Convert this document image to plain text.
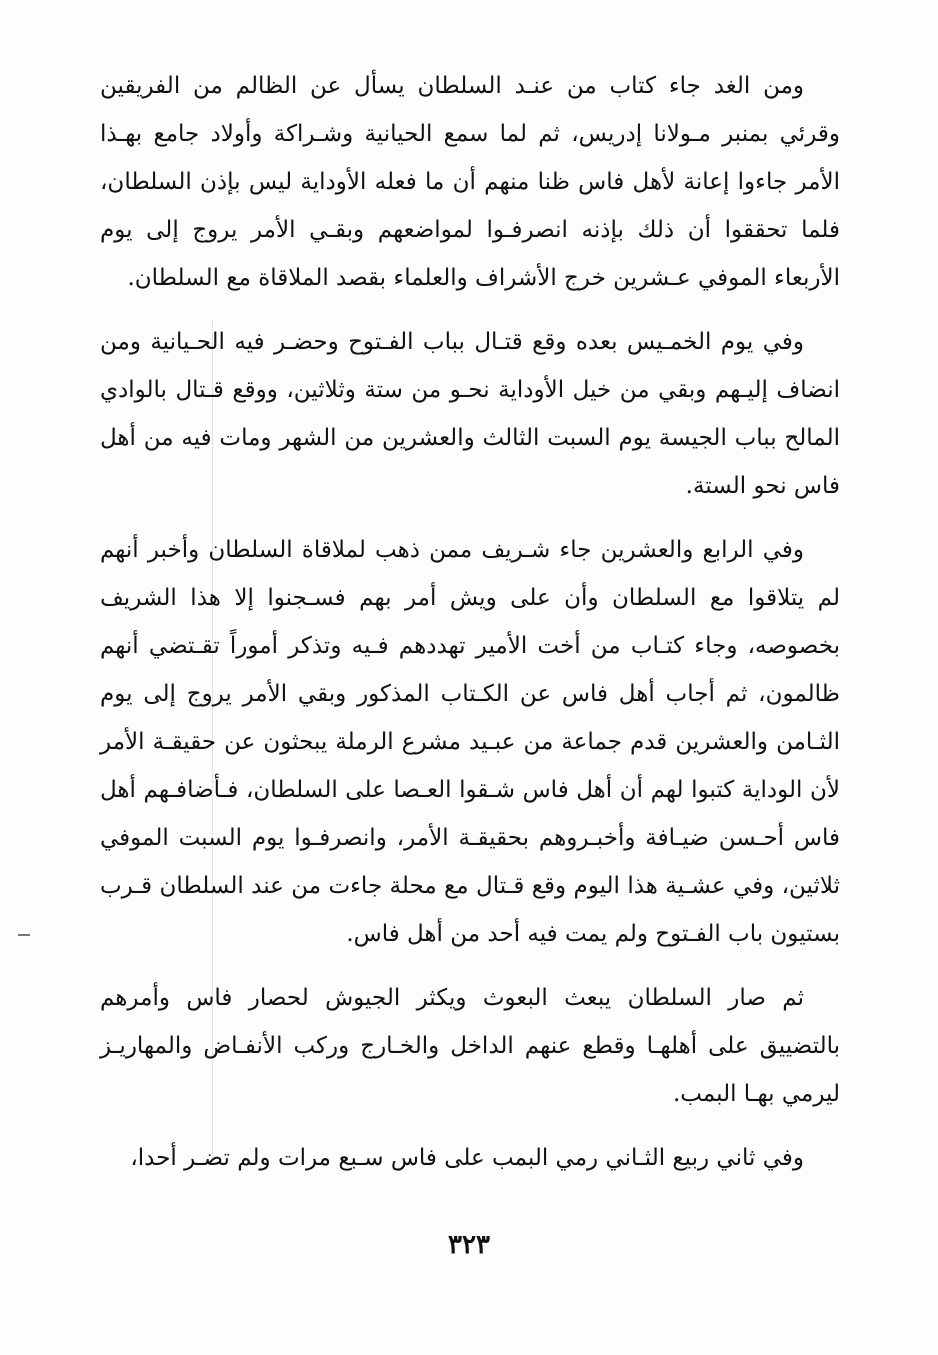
ومن الغد جاء كتاب من عنـد السلطان يسأل عن الظالم من الفريقين وقرئي بمنبر مـولانا إدريس، ثم لما سمع الحيانية وشـراكة وأولاد جامع بهـذا الأمر جاءوا إعانة لأهل فاس ظنا منهم أن ما فعله الأوداية ليس بإذن السلطان، فلما تحققوا أن ذلك بإذنه انصرفـوا لمواضعهم وبقـي الأمر يروج إلى يوم الأربعاء الموفي عـشرين خرج الأشراف والعلماء بقصد الملاقاة مع السلطان.

وفي يوم الخمـيس بعده وقع قتـال بباب الفـتوح وحضـر فيه الحـيانية ومن انضاف إليـهم وبقي من خيل الأوداية نحـو من ستة وثلاثين، ووقع قـتال بالوادي المالح بباب الجيسة يوم السبت الثالث والعشرين من الشهر ومات فيه من أهل فاس نحو الستة.

وفي الرابع والعشرين جاء شـريف ممن ذهب لملاقاة السلطان وأخبر أنهم لم يتلاقوا مع السلطان وأن على ويش أمر بهم فسـجنوا إلا هذا الشريف بخصوصه، وجاء كتـاب من أخت الأمير تهددهم فـيه وتذكر أموراً تقـتضي أنهم ظالمون، ثم أجاب أهل فاس عن الكـتاب المذكور وبقي الأمر يروج إلى يوم الثـامن والعشرين قدم جماعة من عبـيد مشرع الرملة يبحثون عن حقيقـة الأمر لأن الوداية كتبوا لهم أن أهل فاس شـقوا العـصا على السلطان، فـأضافـهم أهل فاس أحـسن ضيـافة وأخبـروهم بحقيقـة الأمر، وانصرفـوا يوم السبت الموفي ثلاثين، وفي عشـية هذا اليوم وقع قـتال مع محلة جاءت من عند السلطان قـرب بستيون باب الفـتوح ولم يمت فيه أحد من أهل فاس.

ثم صار السلطان يبعث البعوث ويكثر الجيوش لحصار فاس وأمرهم بالتضييق على أهلهـا وقطع عنهم الداخل والخـارج وركب الأنفـاض والمهاريـز ليرمي بهـا البمب.

وفي ثاني ربيع الثـاني رمي البمب على فاس سـبع مرات ولم تضـر أحدا،

٣٢٣
